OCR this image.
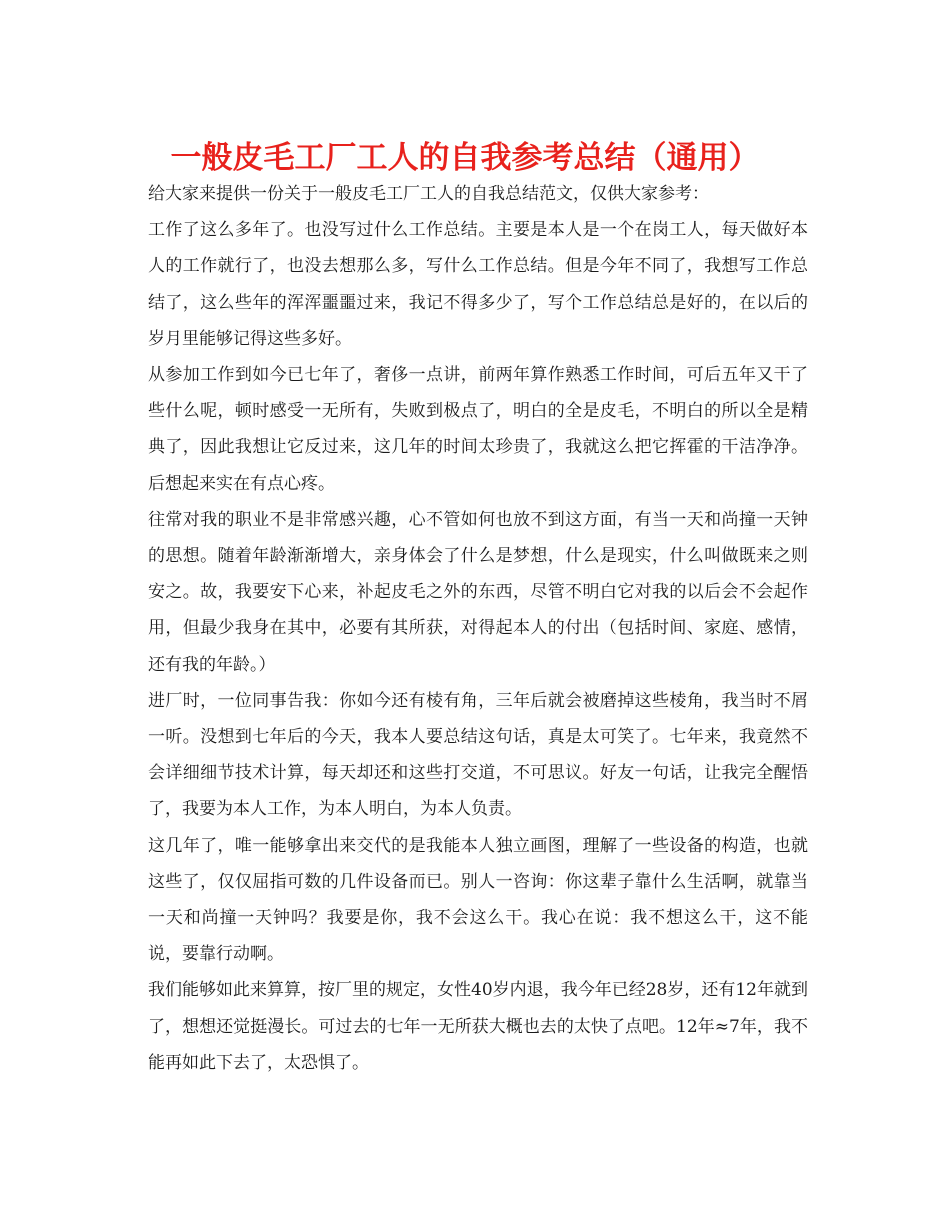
一般皮毛工厂工人的自我参考总结（通用）

给大家来提供一份关于一般皮毛工厂工人的自我总结范文，仅供大家参考：

工作了这么多年了。也没写过什么工作总结。主要是本人是一个在岗工人，每天做好本人的工作就行了，也没去想那么多，写什么工作总结。但是今年不同了，我想写工作总结了，这么些年的浑浑噩噩过来，我记不得多少了，写个工作总结总是好的，在以后的岁月里能够记得这些多好。

从参加工作到如今已七年了，奢侈一点讲，前两年算作熟悉工作时间，可后五年又干了些什么呢，顿时感受一无所有，失败到极点了，明白的全是皮毛，不明白的所以全是精典了，因此我想让它反过来，这几年的时间太珍贵了，我就这么把它挥霍的干洁净净。后想起来实在有点心疼。

往常对我的职业不是非常感兴趣，心不管如何也放不到这方面，有当一天和尚撞一天钟的思想。随着年龄渐渐增大，亲身体会了什么是梦想，什么是现实，什么叫做既来之则安之。故，我要安下心来，补起皮毛之外的东西，尽管不明白它对我的以后会不会起作用，但最少我身在其中，必要有其所获，对得起本人的付出（包括时间、家庭、感情，还有我的年龄。）

进厂时，一位同事告我：你如今还有棱有角，三年后就会被磨掉这些棱角，我当时不屑一听。没想到七年后的今天，我本人要总结这句话，真是太可笑了。七年来，我竟然不会详细细节技术计算，每天却还和这些打交道，不可思议。好友一句话，让我完全醒悟了，我要为本人工作，为本人明白，为本人负责。

这几年了，唯一能够拿出来交代的是我能本人独立画图，理解了一些设备的构造，也就这些了，仅仅屈指可数的几件设备而已。别人一咨询：你这辈子靠什么生活啊，就靠当一天和尚撞一天钟吗？我要是你，我不会这么干。我心在说：我不想这么干，这不能说，要靠行动啊。

我们能够如此来算算，按厂里的规定，女性40岁内退，我今年已经28岁，还有12年就到了，想想还觉挺漫长。可过去的七年一无所获大概也去的太快了点吧。12年≈7年，我不能再如此下去了，太恐惧了。
